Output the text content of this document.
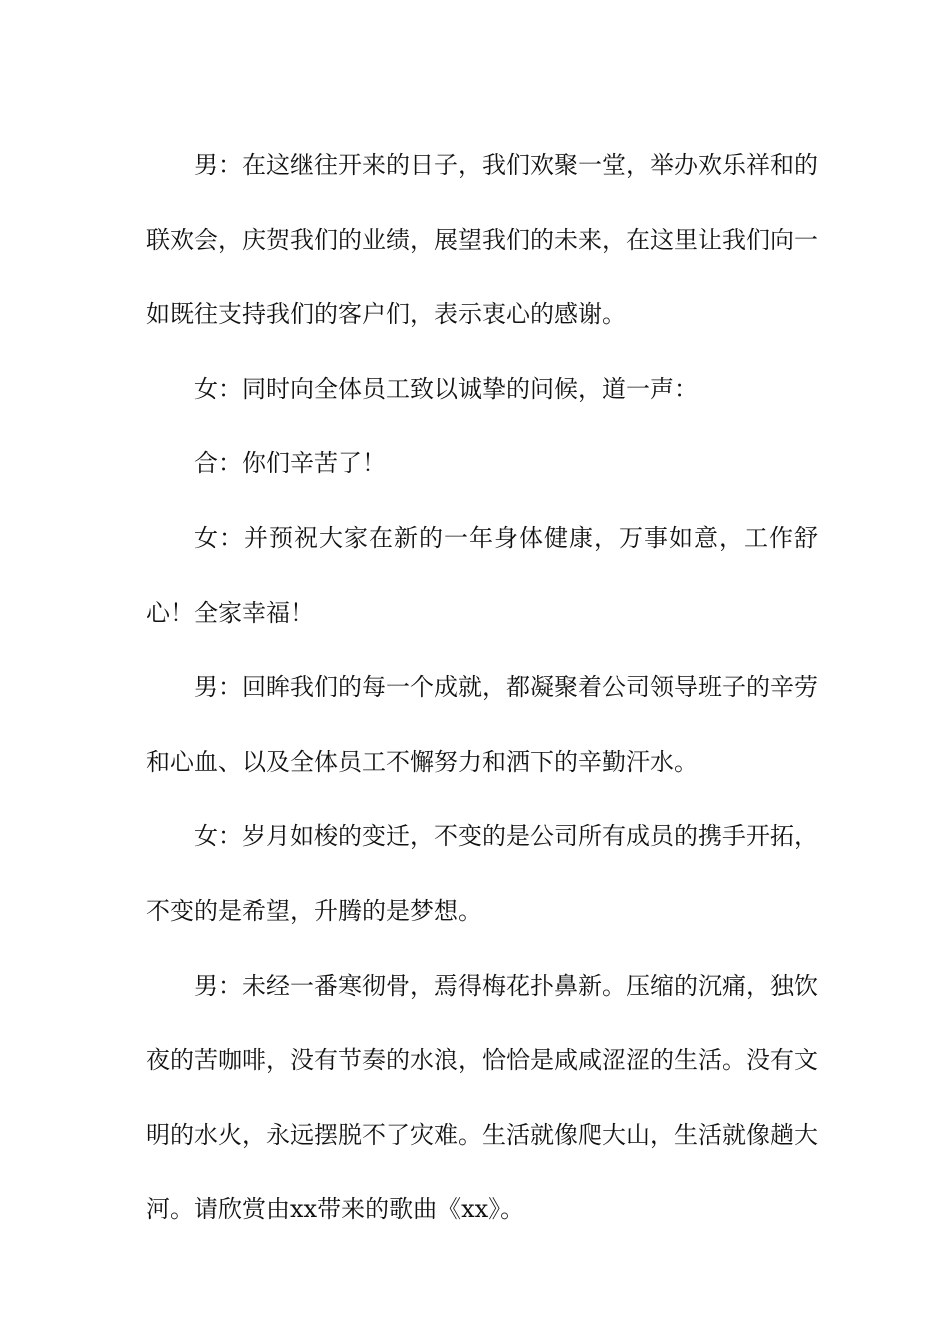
男：在这继往开来的日子，我们欢聚一堂，举办欢乐祥和的联欢会，庆贺我们的业绩，展望我们的未来，在这里让我们向一如既往支持我们的客户们，表示衷心的感谢。

女：同时向全体员工致以诚挚的问候，道一声：

合：你们辛苦了！

女：并预祝大家在新的一年身体健康，万事如意，工作舒心！全家幸福！

男：回眸我们的每一个成就，都凝聚着公司领导班子的辛劳和心血、以及全体员工不懈努力和洒下的辛勤汗水。

女：岁月如梭的变迁，不变的是公司所有成员的携手开拓，不变的是希望，升腾的是梦想。

男：未经一番寒彻骨，焉得梅花扑鼻新。压缩的沉痛，独饮夜的苦咖啡，没有节奏的水浪，恰恰是咸咸涩涩的生活。没有文明的水火，永远摆脱不了灾难。生活就像爬大山，生活就像趟大河。请欣赏由xx带来的歌曲《xx》。
